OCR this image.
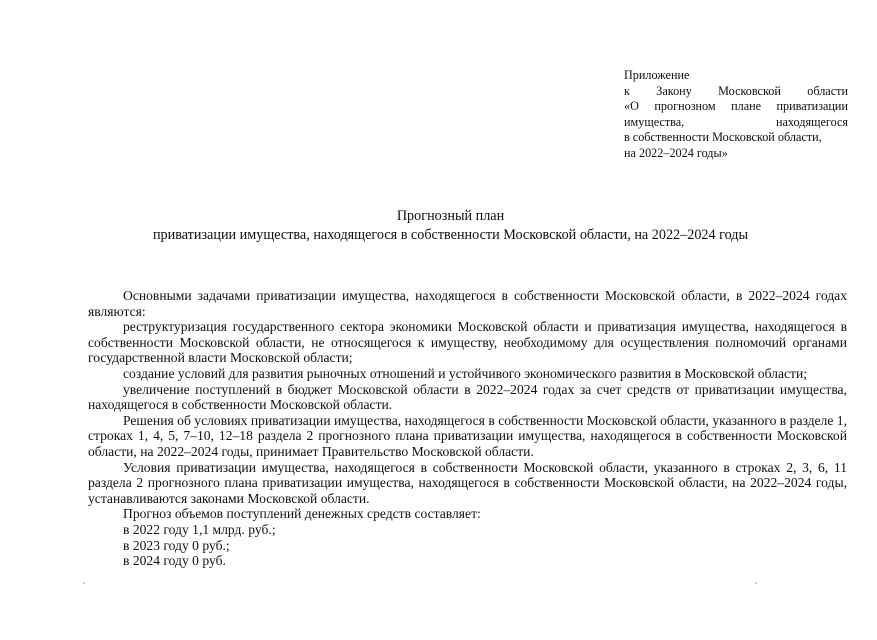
Приложение
к Закону Московской области
«О прогнозном плане приватизации
имущества,	находящегося
в собственности Московской области,
на 2022–2024 годы»
Прогнозный план
приватизации имущества, находящегося в собственности Московской области, на 2022–2024 годы

Основными задачами приватизации имущества, находящегося в собственности Московской области, в 2022–2024 годах являются:

реструктуризация государственного сектора экономики Московской области и приватизация имущества, находящегося в собственности Московской области, не относящегося к имуществу, необходимому для осуществления полномочий органами государственной власти Московской области;

создание условий для развития рыночных отношений и устойчивого экономического развития в Московской области;

увеличение поступлений в бюджет Московской области в 2022–2024 годах за счет средств от приватизации имущества, находящегося в собственности Московской области.

Решения об условиях приватизации имущества, находящегося в собственности Московской области, указанного в разделе 1, строках 1, 4, 5, 7–10, 12–18 раздела 2 прогнозного плана приватизации имущества, находящегося в собственности Московской области, на 2022–2024 годы, принимает Правительство Московской области.

Условия приватизации имущества, находящегося в собственности Московской области, указанного в строках 2, 3, 6, 11 раздела 2 прогнозного плана приватизации имущества, находящегося в собственности Московской области, на 2022–2024 годы, устанавливаются законами Московской области.

Прогноз объемов поступлений денежных средств составляет:

в 2022 году 1,1 млрд. руб.;

в 2023 году 0 руб.;

в 2024 году 0 руб.
